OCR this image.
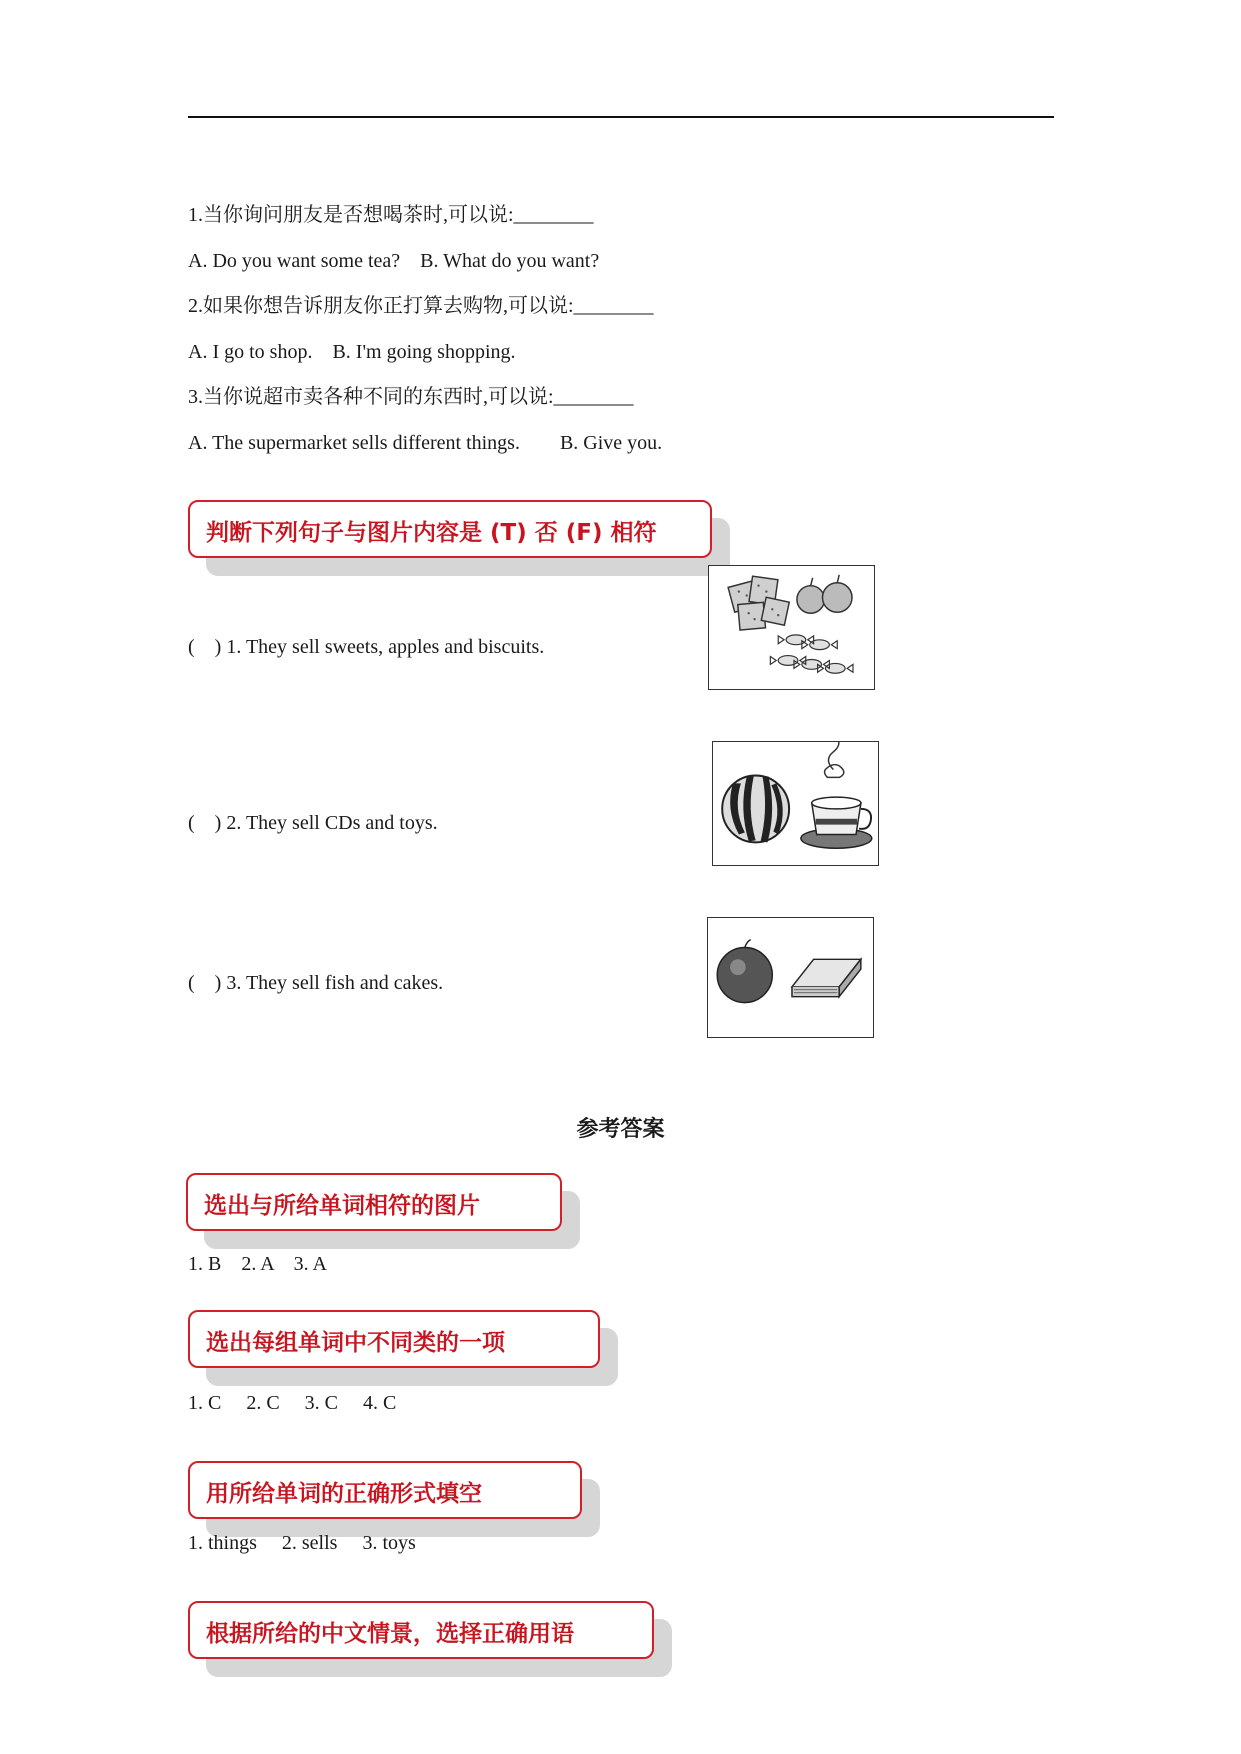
1.当你询问朋友是否想喝茶时,可以说:________
A. Do you want some tea?    B. What do you want?
2.如果你想告诉朋友你正打算去购物,可以说:________
A. I go to shop.    B. I'm going shopping.
3.当你说超市卖各种不同的东西时,可以说:________
A. The supermarket sells different things.        B. Give you.
判断下列句子与图片内容是 (T) 否 (F) 相符
(    ) 1. They sell sweets, apples and biscuits.
(    ) 2. They sell CDs and toys.
(    ) 3. They sell fish and cakes.
参考答案
选出与所给单词相符的图片
1. B    2. A    3. A
选出每组单词中不同类的一项
1. C     2. C     3. C     4. C
用所给单词的正确形式填空
1. things     2. sells     3. toys
根据所给的中文情景，选择正确用语
